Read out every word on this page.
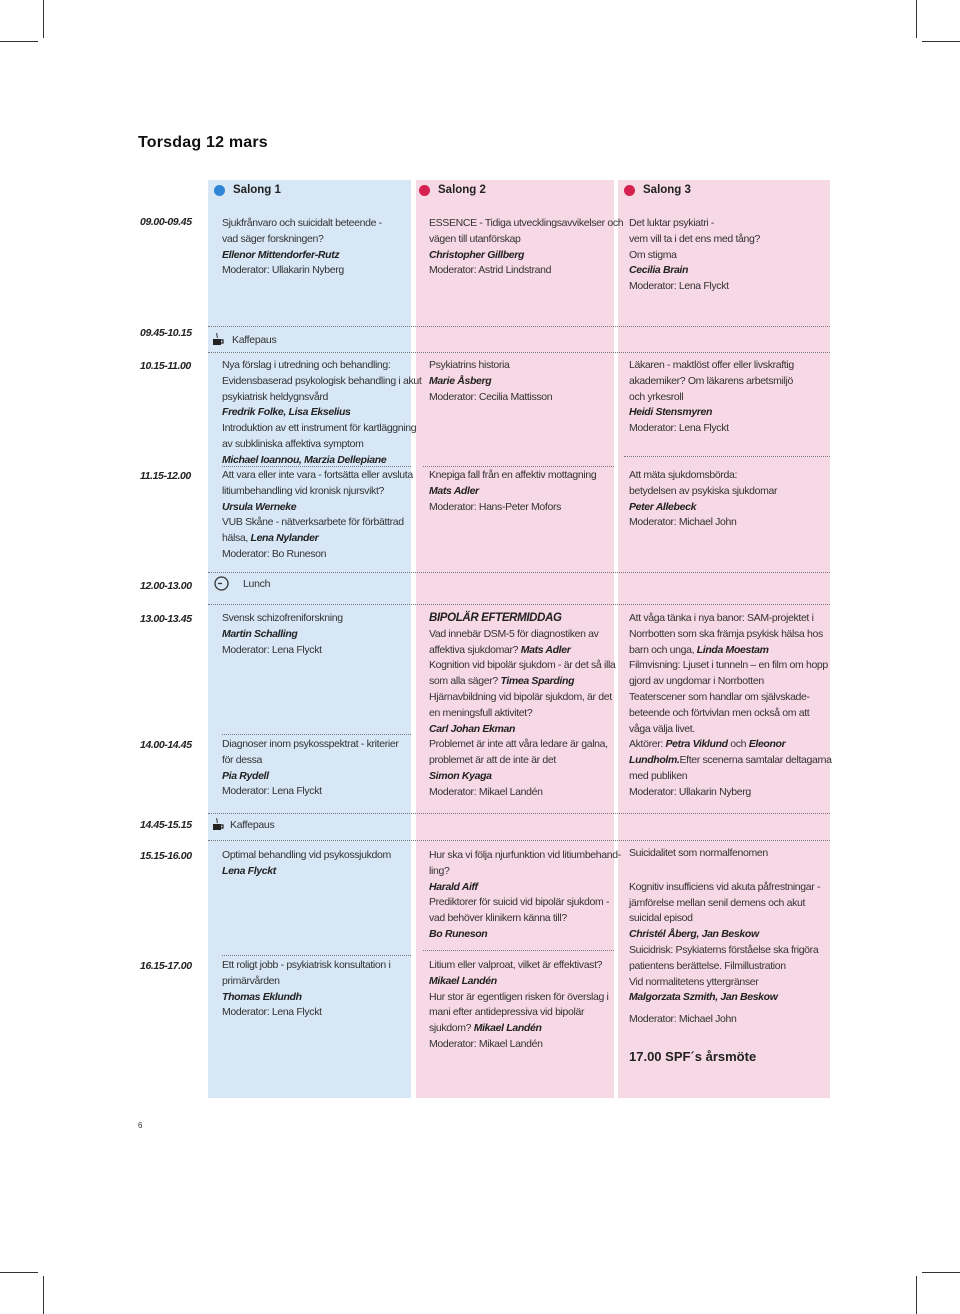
Torsdag 12 mars
Salong 1	Salong 2	Salong 3
09.00-09.45
09.45-10.15
10.15-11.00
11.15-12.00
12.00-13.00
13.00-13.45
14.00-14.45
14.45-15.15
15.15-16.00
16.15-17.00
Kaffepaus
Lunch
Kaffepaus
Sjukfrånvaro och suicidalt beteende -
vad säger forskningen?
Ellenor Mittendorfer-Rutz
Moderator: Ullakarin Nyberg
Nya förslag i utredning och behandling:
Evidensbaserad psykologisk behandling i akut
psykiatrisk heldygnsvård
Fredrik Folke, Lisa Ekselius
Introduktion av ett instrument för kartläggning
av subkliniska affektiva symptom
Michael Ioannou, Marzia Dellepiane
Att vara eller inte vara - fortsätta eller avsluta
litiumbehandling vid kronisk njursvikt?
Ursula Werneke
VUB Skåne - nätverksarbete för förbättrad
hälsa, Lena Nylander
Moderator: Bo Runeson
Svensk schizofreniforskning
Martin Schalling
Moderator: Lena Flyckt
Diagnoser inom psykosspektrat - kriterier
för dessa
Pia Rydell
Moderator: Lena Flyckt
Optimal behandling vid psykossjukdom
Lena Flyckt
Ett roligt jobb - psykiatrisk konsultation i
primärvården
Thomas Eklundh
Moderator: Lena Flyckt
ESSENCE - Tidiga utvecklingsavvikelser och
vägen till utanförskap
Christopher Gillberg
Moderator: Astrid Lindstrand
Psykiatrins historia
Marie Åsberg
Moderator: Cecilia Mattisson
Knepiga fall från en affektiv mottagning
Mats Adler
Moderator: Hans-Peter Mofors
BIPOLÄR EFTERMIDDAG
Vad innebär DSM-5 för diagnostiken av
affektiva sjukdomar? Mats Adler
Kognition vid bipolär sjukdom - är det så illa
som alla säger? Timea Sparding
Hjärnavbildning vid bipolär sjukdom, är det
en meningsfull aktivitet?
Carl Johan Ekman
Problemet är inte att våra ledare är galna,
problemet är att de inte är det
Simon Kyaga
Moderator: Mikael Landén
Hur ska vi följa njurfunktion vid litiumbehand-
ling?
Harald Aiff
Prediktorer för suicid vid bipolär sjukdom -
vad behöver klinikern känna till?
Bo Runeson
Litium eller valproat, vilket är effektivast?
Mikael Landén
Hur stor är egentligen risken för överslag i
mani efter antidepressiva vid bipolär
sjukdom? Mikael Landén
Moderator: Mikael Landén
Det luktar psykiatri -
vem vill ta i det ens med tång?
Om stigma
Cecilia Brain
Moderator: Lena Flyckt
Läkaren - maktlöst offer eller livskraftig
akademiker? Om läkarens arbetsmiljö
och yrkesroll
Heidi Stensmyren
Moderator: Lena Flyckt
Att mäta sjukdomsbörda:
betydelsen av psykiska sjukdomar
Peter Allebeck
Moderator: Michael John
Att våga tänka i nya banor: SAM-projektet i
Norrbotten som ska främja psykisk hälsa hos
barn och unga, Linda Moestam
Filmvisning: Ljuset i tunneln – en film om hopp
gjord av ungdomar i Norrbotten
Teaterscener som handlar om självskade-
beteende och förtvivlan men också om att
våga välja livet.
Aktörer: Petra Viklund och Eleonor
Lundholm.Efter scenerna samtalar deltagarna
med publiken
Moderator: Ullakarin Nyberg
Suicidalitet som normalfenomen
Kognitiv insufficiens vid akuta påfrestningar -
jämförelse mellan senil demens och akut
suicidal episod
Christél Åberg, Jan Beskow
Suicidrisk: Psykiaterns förståelse ska frigöra
patientens berättelse. Filmillustration
Vid normalitetens yttergränser
Malgorzata Szmith, Jan Beskow
Moderator: Michael John
17.00 SPF´s årsmöte
6
